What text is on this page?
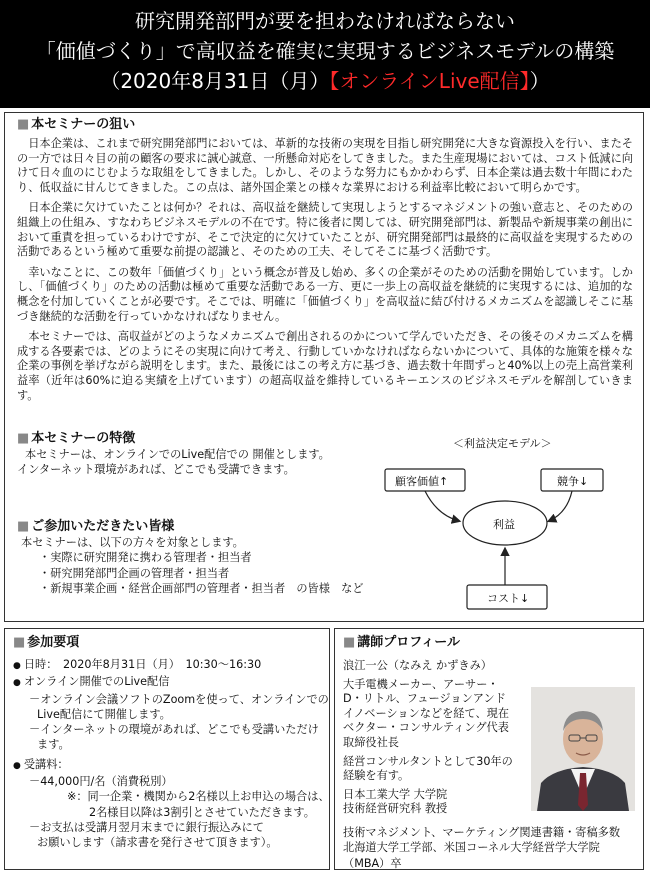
研究開発部門が要を担わなければならない
「価値づくり」で高収益を確実に実現するビジネスモデルの構築
（2020年8月31日（月）【オンラインLive配信】）
■ 本セミナーの狙い

日本企業は、これまで研究開発部門においては、革新的な技術の実現を目指し研究開発に大きな資源投入を行い、またその一方では日々目の前の顧客の要求に誠心誠意、一所懸命対応をしてきました。また生産現場においては、コスト低減に向けて日々血のにじむような取組をしてきました。しかし、そのような努力にもかかわらず、日本企業は過去数十年間にわたり、低収益に甘んじてきました。この点は、諸外国企業との様々な業界における利益率比較において明らかです。

日本企業に欠けていたことは何か？それは、高収益を継続して実現しようとするマネジメントの強い意志と、そのための組織上の仕組み、すなわちビジネスモデルの不在です。特に後者に関しては、研究開発部門は、新製品や新規事業の創出において重責を担っているわけですが、そこで決定的に欠けていたことが、研究開発部門は最終的に高収益を実現するための活動であるという極めて重要な前提の認識と、そのための工夫、そしてそこに基づく活動です。

幸いなことに、この数年「価値づくり」という概念が普及し始め、多くの企業がそのための活動を開始しています。しかし、「価値づくり」のための活動は極めて重要な活動である一方、更に一歩上の高収益を継続的に実現するには、追加的な概念を付加していくことが必要です。そこでは、明確に「価値づくり」を高収益に結び付けるメカニズムを認識しそこに基づき継続的な活動を行っていかなければなりません。

本セミナーでは、高収益がどのようなメカニズムで創出されるのかについて学んでいただき、その後そのメカニズムを構成する各要素では、どのようにその実現に向けて考え、行動していかなければならないかについて、具体的な施策を様々な企業の事例を挙げながら説明をします。また、最後にはこの考え方に基づき、過去数十年間ずっと40%以上の売上高営業利益率（近年は60%に迫る実績を上げています）の超高収益を維持しているキーエンスのビジネスモデルを解剖していきます。

■ 本セミナーの特徴

本セミナーは、オンラインでのLive配信での 開催とします。

インターネット環境があれば、どこでも受講できます。

■ ご参加いただきたい皆様

本セミナーは、以下の方々を対象とします。

・実際に研究開発に携わる管理者・担当者
・研究開発部門企画の管理者・担当者
・新規事業企画・経営企画部門の管理者・担当者　の皆様　など
＜利益決定モデル＞
顧客価値↑	競争↓
利益
コスト↓
■ 参加要項
● 日時：　2020年8月31日（月）　10:30～16:30
● オンライン開催でのLive配信
－オンライン会議ソフトのZoomを使って、オンラインでの
Live配信にて開催します。
－インターネットの環境があれば、どこでも受講いただけ
ます。
● 受講料：
－44,000円/名（消費税別）
※：同一企業・機関から2名様以上お申込の場合は、
2名様目以降は3割引とさせていただきます。
－お支払は受講月翌月末までに銀行振込みにて
お願いします（請求書を発行させて頂きます）。
■ 講師プロフィール
浪江一公（なみえ かずきみ）
大手電機メーカー、アーサー・
D・リトル、フュージョンアンド
イノベーションなどを経て、現在
ベクター・コンサルティング代表
取締役社長
経営コンサルタントとして30年の
経験を有す。
日本工業大学 大学院
技術経営研究科 教授
技術マネジメント、マーケティング関連書籍・寄稿多数
北海道大学工学部、米国コーネル大学経営学大学院
（MBA）卒
